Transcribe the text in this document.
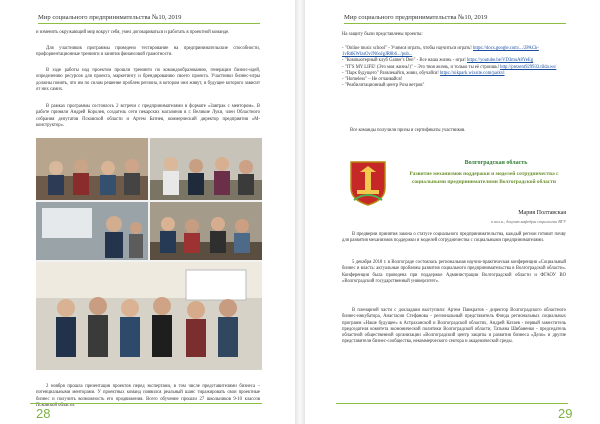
Мир социального предпринимательства №10, 2019

и изменить окружающий мир вокруг себя, умел договариваться и работать в проектной команде.

Для участников программы проведено тестирование на предпринимательские способности, профориентационные тренинги и занятия финансовой грамотности.

В ходе работы над проектом прошли тренинги по командообразованию, генерации бизнес-идей, определению ресурсов для проекта, маркетингу и брендированию своего проекта. Участники бизнес-игры должны понять, что им по силам решение проблем региона, в котором они живут, и будущее которого зависит от них самих.

В рамках программы состоялось 2 встречи с предпринимателями в формате «Завтрак с ментором». В работе приняли Андрей Королев, создатель сети пекарских магазинов в г. Великие Луки, член Областного собрания депутатов Псковской области и Артем Батнев, коммерческий директор предприятия «М-конструктор».

2 ноября прошла презентация проектов перед экспертами, в том числе представителями бизнеса – потенциальными менторами. У проектных команд появился реальный шанс тиражировать свои проектные бизнес и получить возможность его продвижения. Всего обучение прошли 27 школьников 9-10 классов Псковской области.

28
Мир социального предпринимательства №10, 2019

На защиту были представлены проекты:

- "Online music school" - Учимся играть, чтобы научиться играть! https://docs.google.com/.../2PACh-1vRdKWlzsOvJN6oJgJR8b6.../pub...
- "Компьютерный клуб Gamer's Den" - Все наша жизнь - игра! https://youtube.be/VD3muA8YeEg
- "IT'S MY LIFE! (Это моя жизнь!)" – Это твоя жизнь, и только ты её строишь! http://prezent929933.tilda.ws/
- "Парк будущего" Развлекайся, живи, обучайся! https://nikpark.wixsite.com/parkvl
- "Homeless" – Не отчаивайся!
- "Реабилитационный центр Роза ветров"

Все команды получили призы и сертификаты участников.

Волгоградская область
Развитие механизмов поддержки и моделей сотрудничества с социальными предпринимателями Волгоградской области
Мария Полтавская
к.пол.н., доцент кафедры социологии ВГУ

В предверии принятия закона о статусе социального предпринимательства, каждый регион готовит почву для развития механизмов поддержки и моделей сотрудничества с социальными предпринимателями.

5 декабря 2018 г. в Волгограде состоялась региональная научно-практическая конференция «Социальный бизнес и власть: актуальные проблемы развития социального предпринимательства в Волгоградской области». Конференция была проведена при поддержке Администрации Волгоградской области и ФГАОУ ВО «Волгоградский государственный университет».

В пленарной части с докладами выступили: Артем Панкратов - директор Волгоградского областного бизнес-инкубатора, Анастасия Стефанова - региональный представитель Фонда региональных социальных программ «Наше будущее» в Астраханской и Волгоградской областях, Андрей Катаев - первый заместитель председателя комитета экономической политики Волгоградской области, Татьяна Шибаненко - председатель областной общественной организации «Волгоградский центр защиты и развития бизнеса «Дело» и другие представители бизнес-сообщества, некоммерческого сектора и академической среды.

29
